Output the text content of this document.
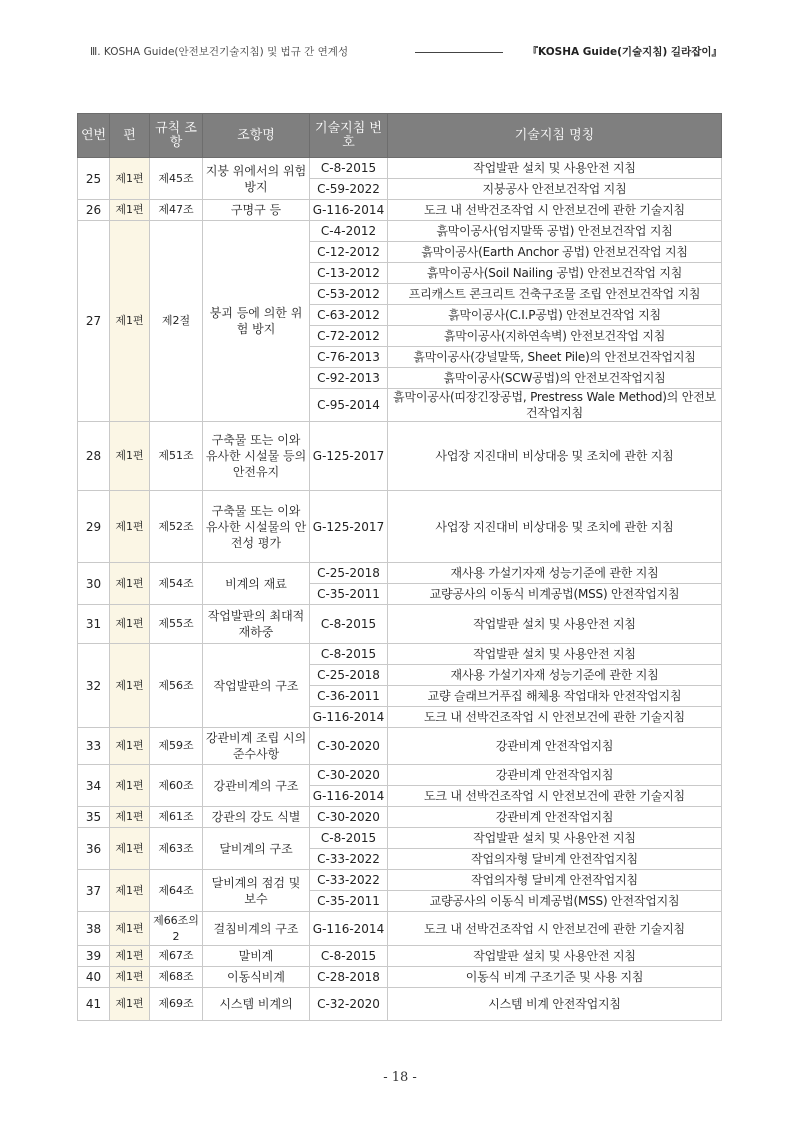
Ⅲ. KOSHA Guide(안전보건기술지침) 및 법규 간 연계성	『KOSHA Guide(기술지침) 길라잡이』
연번	편	규칙 조항	조항명	기술지침 번호	기술지침 명칭
25	제1편	제45조	지붕 위에서의 위험 방지	C-8-2015	작업발판 설치 및 사용안전 지침
				C-59-2022	지붕공사 안전보건작업 지침
26	제1편	제47조	구명구 등	G-116-2014	도크 내 선박건조작업 시 안전보건에 관한 기술지침
27	제1편	제2절	붕괴 등에 의한 위험 방지	C-4-2012	흙막이공사(엄지말뚝 공법) 안전보건작업 지침
				C-12-2012	흙막이공사(Earth Anchor 공법) 안전보건작업 지침
				C-13-2012	흙막이공사(Soil Nailing 공법) 안전보건작업 지침
				C-53-2012	프리캐스트 콘크리트 건축구조물 조립 안전보건작업 지침
				C-63-2012	흙막이공사(C.I.P공법) 안전보건작업 지침
				C-72-2012	흙막이공사(지하연속벽) 안전보건작업 지침
				C-76-2013	흙막이공사(강널말뚝, Sheet Pile)의 안전보건작업지침
				C-92-2013	흙막이공사(SCW공법)의 안전보건작업지침
				C-95-2014	흙막이공사(띠장긴장공법, Prestress Wale Method)의 안전보건작업지침
28	제1편	제51조	구축물 또는 이와 유사한 시설물 등의 안전유지	G-125-2017	사업장 지진대비 비상대응 및 조치에 관한 지침
29	제1편	제52조	구축물 또는 이와 유사한 시설물의 안전성 평가	G-125-2017	사업장 지진대비 비상대응 및 조치에 관한 지침
30	제1편	제54조	비계의 재료	C-25-2018	재사용 가설기자재 성능기준에 관한 지침
				C-35-2011	교량공사의 이동식 비계공법(MSS) 안전작업지침
31	제1편	제55조	작업발판의 최대적재하중	C-8-2015	작업발판 설치 및 사용안전 지침
32	제1편	제56조	작업발판의 구조	C-8-2015	작업발판 설치 및 사용안전 지침
				C-25-2018	재사용 가설기자재 성능기준에 관한 지침
				C-36-2011	교량 슬래브거푸집 해체용 작업대차 안전작업지침
				G-116-2014	도크 내 선박건조작업 시 안전보건에 관한 기술지침
33	제1편	제59조	강관비계 조립 시의 준수사항	C-30-2020	강관비계 안전작업지침
34	제1편	제60조	강관비계의 구조	C-30-2020	강관비계 안전작업지침
				G-116-2014	도크 내 선박건조작업 시 안전보건에 관한 기술지침
35	제1편	제61조	강관의 강도 식별	C-30-2020	강관비계 안전작업지침
36	제1편	제63조	달비계의 구조	C-8-2015	작업발판 설치 및 사용안전 지침
				C-33-2022	작업의자형 달비계 안전작업지침
37	제1편	제64조	달비계의 점검 및 보수	C-33-2022	작업의자형 달비계 안전작업지침
				C-35-2011	교량공사의 이동식 비계공법(MSS) 안전작업지침
38	제1편	제66조의2	걸침비계의 구조	G-116-2014	도크 내 선박건조작업 시 안전보건에 관한 기술지침
39	제1편	제67조	말비계	C-8-2015	작업발판 설치 및 사용안전 지침
40	제1편	제68조	이동식비계	C-28-2018	이동식 비계 구조기준 및 사용 지침
41	제1편	제69조	시스템 비계의	C-32-2020	시스템 비계 안전작업지침
- 18 -
